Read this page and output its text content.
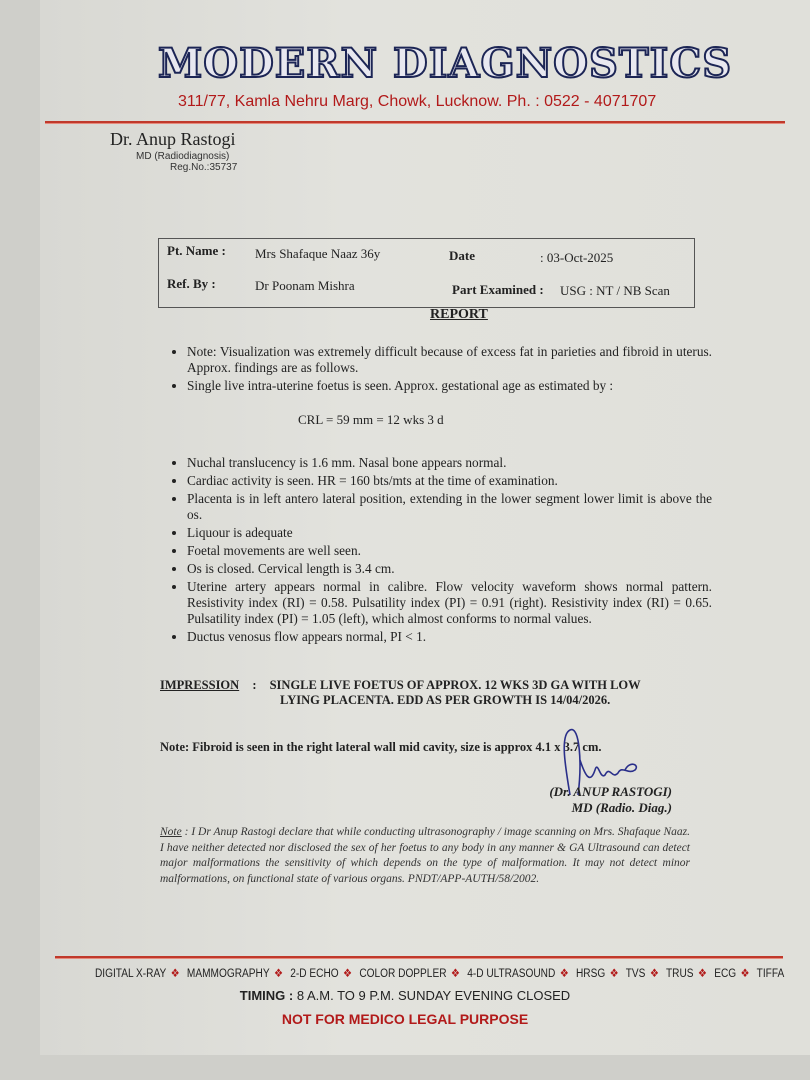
MODERN DIAGNOSTICS
311/77, Kamla Nehru Marg, Chowk, Lucknow. Ph. : 0522 - 4071707
Dr. Anup Rastogi
MD (Radiodiagnosis)
Reg.No.:35737
Pt. Name : Mrs Shafaque Naaz 36y	Date	: 03-Oct-2025
Ref. By :	Dr Poonam Mishra	Part Examined : USG : NT / NB Scan
REPORT
• Note: Visualization was extremely difficult because of excess fat in parieties and fibroid in uterus. Approx. findings are as follows.
• Single live intra-uterine foetus is seen. Approx. gestational age as estimated by :
CRL = 59 mm = 12 wks 3 d
• Nuchal translucency is 1.6 mm. Nasal bone appears normal.
• Cardiac activity is seen. HR = 160 bts/mts at the time of examination.
• Placenta is in left antero lateral position, extending in the lower segment lower limit is above the os.
• Liquour is adequate
• Foetal movements are well seen.
• Os is closed. Cervical length is 3.4 cm.
• Uterine artery appears normal in calibre. Flow velocity waveform shows normal pattern. Resistivity index (RI) = 0.58. Pulsatility index (PI) = 0.91 (right). Resistivity index (RI) = 0.65. Pulsatility index (PI) = 1.05 (left), which almost conforms to normal values.
• Ductus venosus flow appears normal, PI < 1.
IMPRESSION : SINGLE LIVE FOETUS OF APPROX. 12 WKS 3D GA WITH LOW
LYING PLACENTA. EDD AS PER GROWTH IS 14/04/2026.
Note: Fibroid is seen in the right lateral wall mid cavity, size is approx 4.1 x 3.7 cm.
(Dr. ANUP RASTOGI)
MD (Radio. Diag.)
Note : I Dr Anup Rastogi declare that while conducting ultrasonography / image scanning on Mrs. Shafaque Naaz. I have neither detected nor disclosed the sex of her foetus to any body in any manner & GA Ultrasound can detect major malformations the sensitivity of which depends on the type of malformation. It may not detect minor malformations, on functional state of various organs. PNDT/APP-AUTH/58/2002.
DIGITAL X-RAY ❖ MAMMOGRAPHY ❖ 2-D ECHO ❖ COLOR DOPPLER ❖ 4-D ULTRASOUND ❖ HRSG ❖ TVS ❖ TRUS ❖ ECG ❖ TIFFA
TIMING : 8 A.M. TO 9 P.M. SUNDAY EVENING CLOSED
NOT FOR MEDICO LEGAL PURPOSE
